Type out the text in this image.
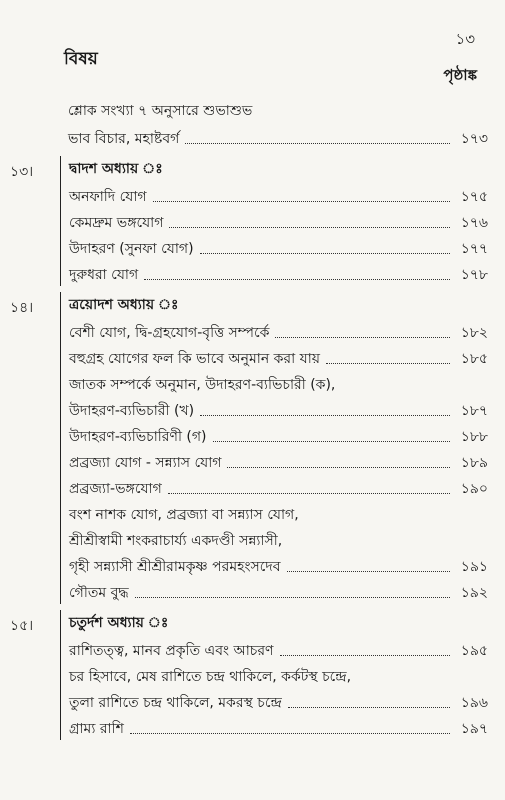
১৩
বিষয়
পৃষ্ঠাঙ্ক
শ্লোক সংখ্যা ৭ অনুসারে শুভাশুভ
ভাব বিচার, মহাষ্টবর্গ	১৭৩
১৩।	দ্বাদশ অধ্যায় ঃ
অনফাদি যোগ	১৭৫
কেমদ্রুম ভঙ্গযোগ	১৭৬
উদাহরণ (সুনফা যোগ)	১৭৭
দুরুধরা যোগ	১৭৮
১৪।	ত্রয়োদশ অধ্যায় ঃ
বেশী যোগ, দ্বি-গ্রহযোগ-বৃত্তি সম্পর্কে	১৮২
বহুগ্রহ যোগের ফল কি ভাবে অনুমান করা যায়	১৮৫
জাতক সম্পর্কে অনুমান, উদাহরণ-ব্যভিচারী (ক),
উদাহরণ-ব্যভিচারী (খ)	১৮৭
উদাহরণ-ব্যভিচারিণী (গ)	১৮৮
প্রব্রজ্যা যোগ - সন্ন্যাস যোগ	১৮৯
প্রব্রজ্যা-ভঙ্গযোগ	১৯০
বংশ নাশক যোগ, প্রব্রজ্যা বা সন্ন্যাস যোগ,
শ্রীশ্রীস্বামী শংকরাচার্য্য একদণ্ডী সন্ন্যাসী,
গৃহী সন্ন্যাসী শ্রীশ্রীরামকৃষ্ণ পরমহংসদেব	১৯১
গৌতম বুদ্ধ	১৯২
১৫।	চতুর্দশ অধ্যায় ঃ
রাশিতত্ত্ব, মানব প্রকৃতি এবং আচরণ	১৯৫
চর হিসাবে, মেষ রাশিতে চন্দ্র থাকিলে, কর্কটস্থ চন্দ্রে,
তুলা রাশিতে চন্দ্র থাকিলে, মকরস্থ চন্দ্রে	১৯৬
গ্রাম্য রাশি	১৯৭
